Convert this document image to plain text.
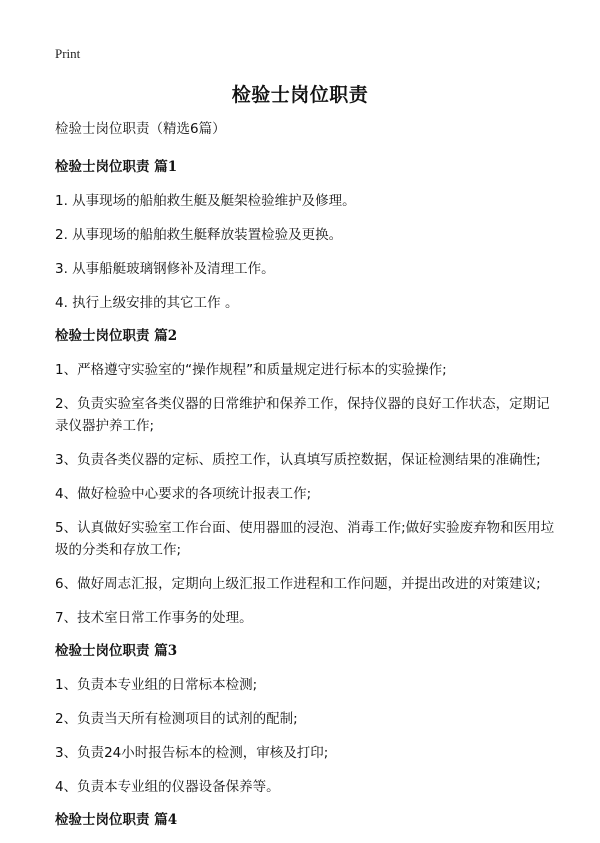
Print
检验士岗位职责
检验士岗位职责（精选6篇）
检验士岗位职责 篇1
1. 从事现场的船舶救生艇及艇架检验维护及修理。
2. 从事现场的船舶救生艇释放装置检验及更换。
3. 从事船艇玻璃钢修补及清理工作。
4. 执行上级安排的其它工作 。
检验士岗位职责 篇2
1、严格遵守实验室的“操作规程”和质量规定进行标本的实验操作;
2、负责实验室各类仪器的日常维护和保养工作，保持仪器的良好工作状态，定期记录仪器护养工作;
3、负责各类仪器的定标、质控工作，认真填写质控数据，保证检测结果的准确性;
4、做好检验中心要求的各项统计报表工作;
5、认真做好实验室工作台面、使用器皿的浸泡、消毒工作;做好实验废弃物和医用垃圾的分类和存放工作;
6、做好周志汇报，定期向上级汇报工作进程和工作问题，并提出改进的对策建议;
7、技术室日常工作事务的处理。
检验士岗位职责 篇3
1、负责本专业组的日常标本检测;
2、负责当天所有检测项目的试剂的配制;
3、负责24小时报告标本的检测，审核及打印;
4、负责本专业组的仪器设备保养等。
检验士岗位职责 篇4
